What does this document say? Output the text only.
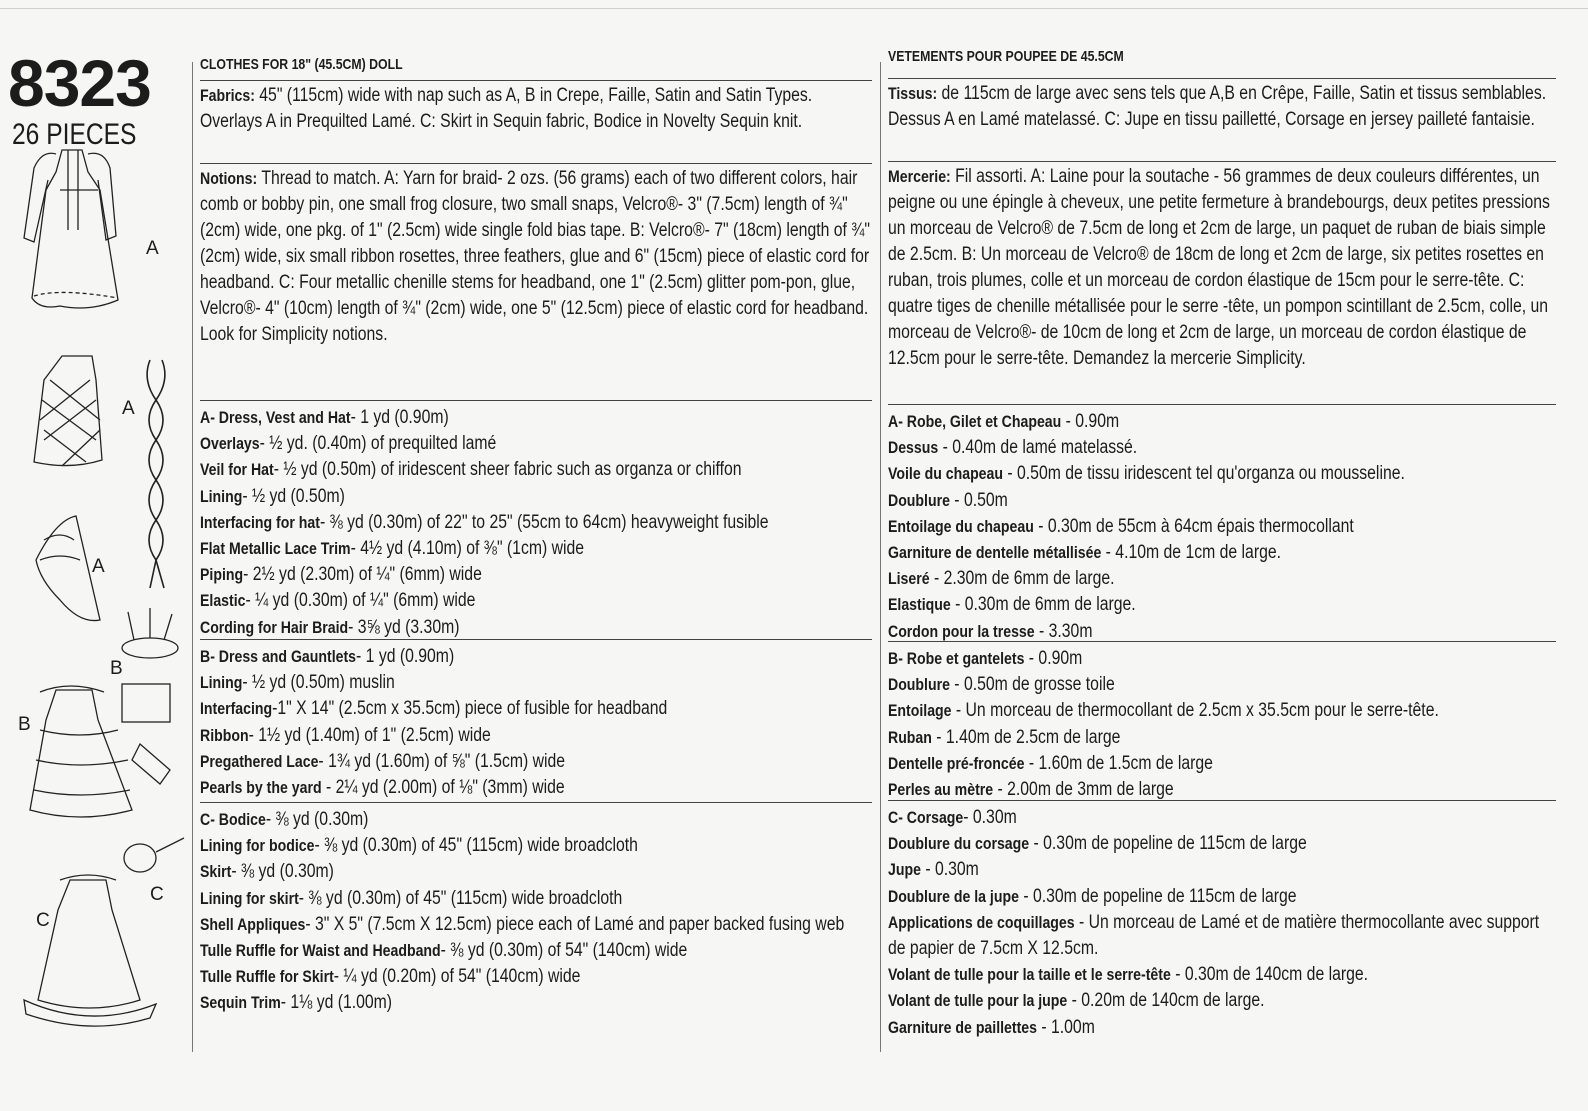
8323
26 PIECES
A
A
A
B
B
C
C
CLOTHES FOR 18" (45.5CM) DOLL
Fabrics: 45" (115cm) wide with nap such as A, B in Crepe, Faille, Satin and Satin Types. Overlays A in Prequilted Lamé. C: Skirt in Sequin fabric, Bodice in Novelty Sequin knit.
Notions: Thread to match. A: Yarn for braid- 2 ozs. (56 grams) each of two different colors, hair comb or bobby pin, one small frog closure, two small snaps, Velcro®- 3" (7.5cm) length of ¾" (2cm) wide, one pkg. of 1" (2.5cm) wide single fold bias tape. B: Velcro®- 7" (18cm) length of ¾" (2cm) wide, six small ribbon rosettes, three feathers, glue and 6" (15cm) piece of elastic cord for headband. C: Four metallic chenille stems for headband, one 1" (2.5cm) glitter pom-pon, glue, Velcro®- 4" (10cm) length of ¾" (2cm) wide, one 5" (12.5cm) piece of elastic cord for headband. Look for Simplicity notions.
A- Dress, Vest and Hat- 1 yd (0.90m)
Overlays- ½ yd. (0.40m) of prequilted lamé
Veil for Hat- ½ yd (0.50m) of iridescent sheer fabric such as organza or chiffon
Lining- ½ yd (0.50m)
Interfacing for hat- ⅜ yd (0.30m) of 22" to 25" (55cm to 64cm) heavyweight fusible
Flat Metallic Lace Trim- 4½ yd (4.10m) of ⅜" (1cm) wide
Piping- 2½ yd (2.30m) of ¼" (6mm) wide
Elastic- ¼ yd (0.30m) of ¼" (6mm) wide
Cording for Hair Braid- 3⅝ yd (3.30m)
B- Dress and Gauntlets- 1 yd (0.90m)
Lining- ½ yd (0.50m) muslin
Interfacing-1" X 14" (2.5cm x 35.5cm) piece of fusible for headband
Ribbon- 1½ yd (1.40m) of 1" (2.5cm) wide
Pregathered Lace- 1¾ yd (1.60m) of ⅝" (1.5cm) wide
Pearls by the yard - 2¼ yd (2.00m) of ⅛" (3mm) wide
C- Bodice- ⅜ yd (0.30m)
Lining for bodice- ⅜ yd (0.30m) of 45" (115cm) wide broadcloth
Skirt- ⅜ yd (0.30m)
Lining for skirt- ⅜ yd (0.30m) of 45" (115cm) wide broadcloth
Shell Appliques- 3" X 5" (7.5cm X 12.5cm) piece each of Lamé and paper backed fusing web
Tulle Ruffle for Waist and Headband- ⅜ yd (0.30m) of 54" (140cm) wide
Tulle Ruffle for Skirt- ¼ yd (0.20m) of 54" (140cm) wide
Sequin Trim- 1⅛ yd (1.00m)
VETEMENTS POUR POUPEE DE 45.5CM
Tissus: de 115cm de large avec sens tels que A,B en Crêpe, Faille, Satin et tissus semblables. Dessus A en Lamé matelassé. C: Jupe en tissu pailletté, Corsage en jersey pailleté fantaisie.
Mercerie: Fil assorti. A: Laine pour la soutache - 56 grammes de deux couleurs différentes, un peigne ou une épingle à cheveux, une petite fermeture à brandebourgs, deux petites pressions un morceau de Velcro® de 7.5cm de long et 2cm de large, un paquet de ruban de biais simple de 2.5cm. B: Un morceau de Velcro® de 18cm de long et 2cm de large, six petites rosettes en ruban, trois plumes, colle et un morceau de cordon élastique de 15cm pour le serre-tête. C: quatre tiges de chenille métallisée pour le serre -tête, un pompon scintillant de 2.5cm, colle, un morceau de Velcro®- de 10cm de long et 2cm de large, un morceau de cordon élastique de 12.5cm pour le serre-tête. Demandez la mercerie Simplicity.
A- Robe, Gilet et Chapeau - 0.90m
Dessus - 0.40m de lamé matelassé.
Voile du chapeau - 0.50m de tissu iridescent tel qu'organza ou mousseline.
Doublure - 0.50m
Entoilage du chapeau - 0.30m de 55cm à 64cm épais thermocollant
Garniture de dentelle métallisée - 4.10m de 1cm de large.
Liseré - 2.30m de 6mm de large.
Elastique - 0.30m de 6mm de large.
Cordon pour la tresse - 3.30m
B- Robe et gantelets - 0.90m
Doublure - 0.50m de grosse toile
Entoilage - Un morceau de thermocollant de 2.5cm x 35.5cm pour le serre-tête.
Ruban - 1.40m de 2.5cm de large
Dentelle pré-froncée - 1.60m de 1.5cm de large
Perles au mètre - 2.00m de 3mm de large
C- Corsage- 0.30m
Doublure du corsage - 0.30m de popeline de 115cm de large
Jupe - 0.30m
Doublure de la jupe - 0.30m de popeline de 115cm de large
Applications de coquillages - Un morceau de Lamé et de matière thermocollante avec support de papier de 7.5cm X 12.5cm.
Volant de tulle pour la taille et le serre-tête - 0.30m de 140cm de large.
Volant de tulle pour la jupe - 0.20m de 140cm de large.
Garniture de paillettes - 1.00m
